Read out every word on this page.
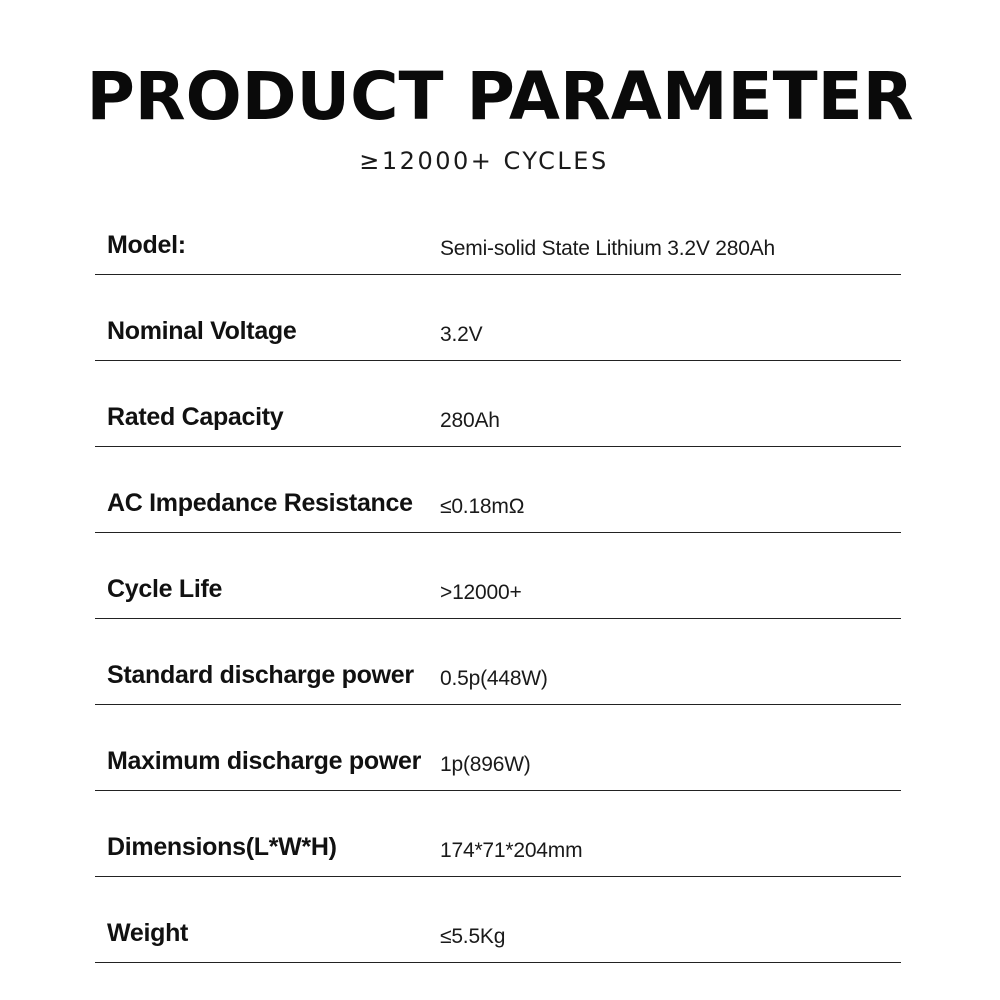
PRODUCT PARAMETER
≥12000+ CYCLES
Model:	Semi-solid State Lithium 3.2V 280Ah
Nominal Voltage	3.2V
Rated Capacity	280Ah
AC Impedance Resistance ≤0.18mΩ
Cycle Life	>12000+
Standard discharge power 0.5p(448W)
Maximum discharge power 1p(896W)
Dimensions(L*W*H)	174*71*204mm
Weight	≤5.5Kg
